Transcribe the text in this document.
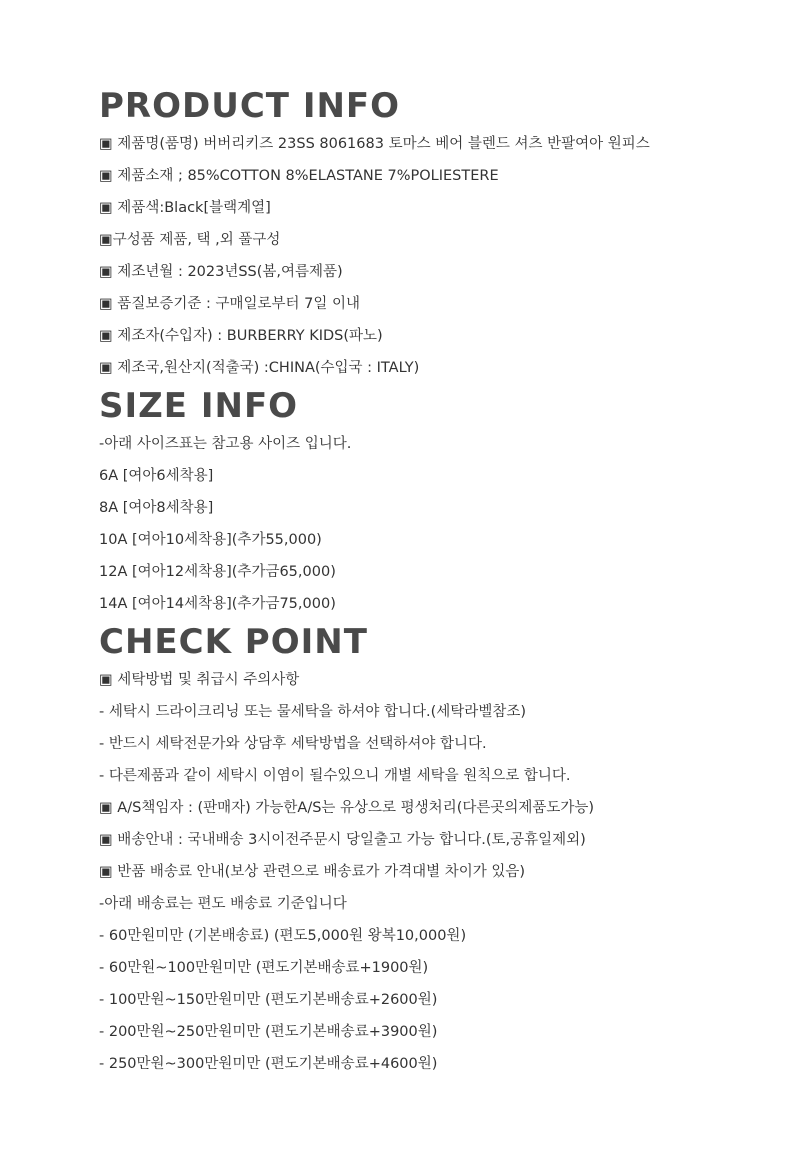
PRODUCT INFO

▣ 제품명(품명) 버버리키즈 23SS 8061683 토마스 베어 블렌드 셔츠 반팔여아 원피스

▣ 제품소재 ; 85%COTTON 8%ELASTANE 7%POLIESTERE

▣ 제품색:Black[블랙계열]

▣구성품 제품, 택 ,외 풀구성

▣ 제조년월 : 2023년SS(봄,여름제품)

▣ 품질보증기준 : 구매일로부터 7일 이내

▣ 제조자(수입자) : BURBERRY KIDS(파노)

▣ 제조국,원산지(적출국) :CHINA(수입국 : ITALY)

SIZE INFO

-아래 사이즈표는 참고용 사이즈 입니다.

6A [여아6세착용]

8A [여아8세착용]

10A [여아10세착용](추가55,000)

12A [여아12세착용](추가금65,000)

14A [여아14세착용](추가금75,000)

CHECK POINT

▣ 세탁방법 및 취급시 주의사항

- 세탁시 드라이크리닝 또는 물세탁을 하셔야 합니다.(세탁라벨참조)

- 반드시 세탁전문가와 상담후 세탁방법을 선택하셔야 합니다.

- 다른제품과 같이 세탁시 이염이 될수있으니 개별 세탁을 원칙으로 합니다.

▣ A/S책임자 : (판매자) 가능한A/S는 유상으로 평생처리(다른곳의제품도가능)

▣ 배송안내 : 국내배송 3시이전주문시 당일출고 가능 합니다.(토,공휴일제외)

▣ 반품 배송료 안내(보상 관련으로 배송료가 가격대별 차이가 있음)

-아래 배송료는 편도 배송료 기준입니다

- 60만원미만 (기본배송료) (편도5,000원 왕복10,000원)

- 60만원~100만원미만 (편도기본배송료+1900원)

- 100만원~150만원미만 (편도기본배송료+2600원)

- 200만원~250만원미만 (편도기본배송료+3900원)

- 250만원~300만원미만 (편도기본배송료+4600원)
